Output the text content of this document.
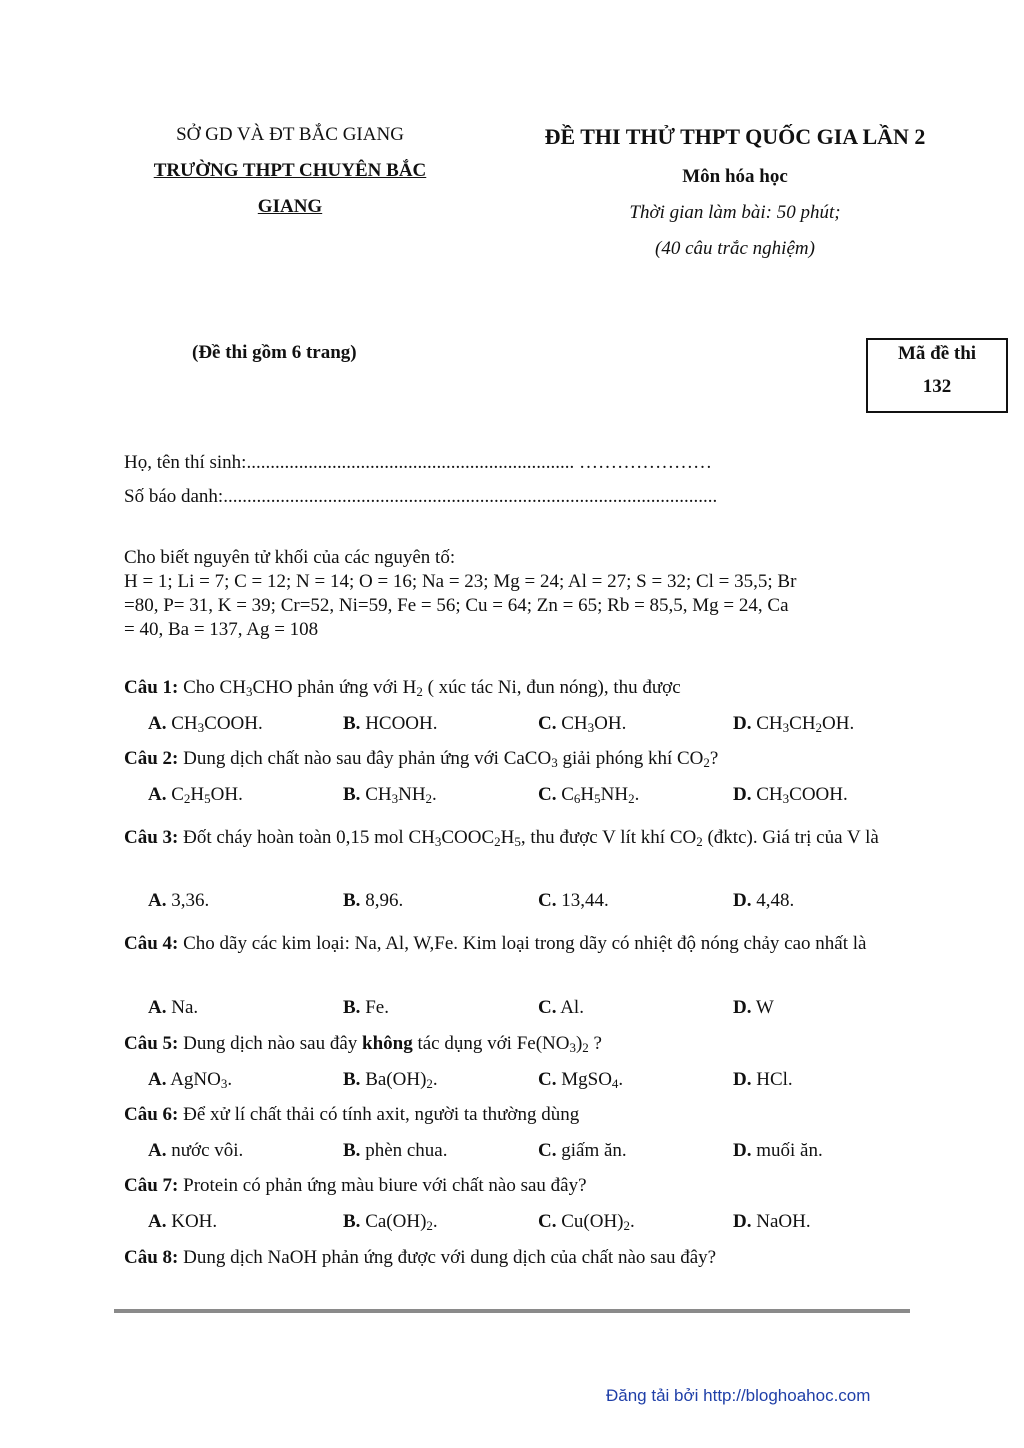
SỞ GD VÀ ĐT BẮC GIANG
TRƯỜNG THPT CHUYÊN BẮC
GIANG
ĐỀ THI THỬ THPT QUỐC GIA LẦN 2
Môn hóa học
Thời gian làm bài: 50 phút;
(40 câu trắc nghiệm)
(Đề thi gồm 6 trang)	Mã đề thi
132
Họ, tên thí sinh:..................................................................... …………………
Số báo danh:........................................................................................................
Cho biết nguyên tử khối của các nguyên tố:
H = 1; Li = 7; C = 12; N = 14; O = 16; Na = 23; Mg = 24; Al = 27; S = 32; Cl = 35,5; Br
=80, P= 31, K = 39; Cr=52, Ni=59, Fe = 56; Cu = 64; Zn = 65; Rb = 85,5, Mg = 24, Ca
= 40, Ba = 137, Ag = 108
Câu 1: Cho $CH_3CHO$ phản ứng với $H_2$ ( xúc tác Ni, đun nóng), thu được
A. $CH_3COOH$.	B. HCOOH.	C. $CH_3OH$.	D. $CH_3CH_2OH$.
Câu 2: Dung dịch chất nào sau đây phản ứng với CaCO$_3$ giải phóng khí $CO_2$?
A. $C_2H_5OH$.	B. $CH_3NH_2$.	C. $C_6H_5NH_2$.	D. $CH_3COOH$.
Câu 3: Đốt cháy hoàn toàn 0,15 mol $CH_3COOC_2H_5$, thu được V lít khí $CO_2$ (đktc). Giá trị của V là
A. 3,36.	B. 8,96.	C. 13,44.	D. 4,48.
Câu 4: Cho dãy các kim loại: Na, Al, W,Fe. Kim loại trong dãy có nhiệt độ nóng chảy cao nhất là
A. Na.	B. Fe.	C. Al.	D. W
Câu 5: Dung dịch nào sau đây không tác dụng với $Fe(NO_3)_2$ ?
A. AgNO$_3$.	B. $Ba(OH)_2$.	C. MgSO$_4$.	D. HCl.
Câu 6: Để xử lí chất thải có tính axit, người ta thường dùng
A. nước vôi.	B. phèn chua.	C. giấm ăn.	D. muối ăn.
Câu 7: Protein có phản ứng màu biure với chất nào sau đây?
A. KOH.	B. $Ca(OH)_2$.	C. $Cu(OH)_2$.	D. NaOH.
Câu 8: Dung dịch NaOH phản ứng được với dung dịch của chất nào sau đây?
Đăng tải bởi http://bloghoahoc.com
